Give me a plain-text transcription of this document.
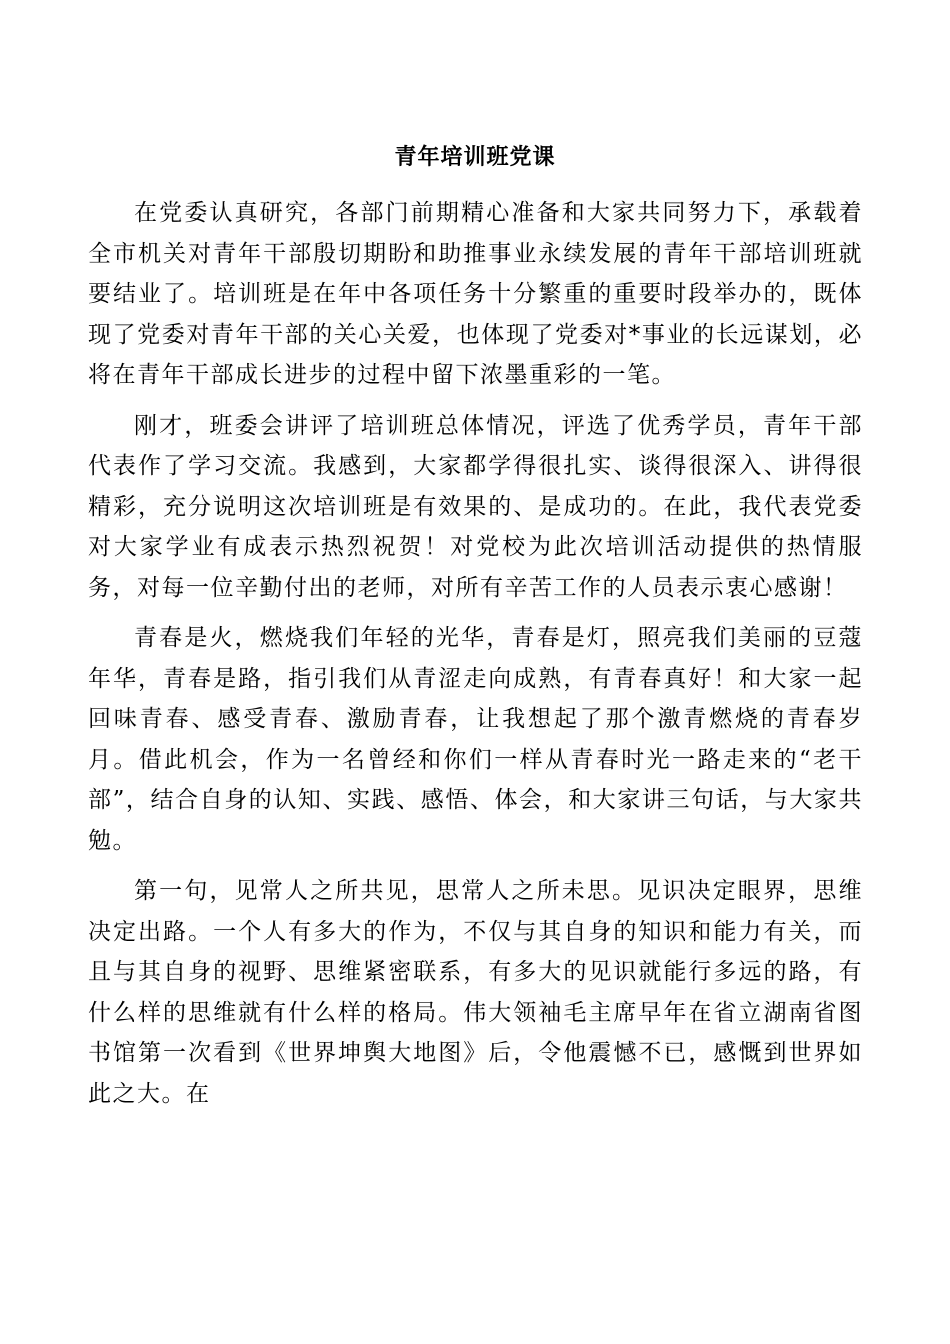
青年培训班党课

在党委认真研究，各部门前期精心准备和大家共同努力下，承载着全市机关对青年干部殷切期盼和助推事业永续发展的青年干部培训班就要结业了。培训班是在年中各项任务十分繁重的重要时段举办的，既体现了党委对青年干部的关心关爱，也体现了党委对*事业的长远谋划，必将在青年干部成长进步的过程中留下浓墨重彩的一笔。

刚才，班委会讲评了培训班总体情况，评选了优秀学员，青年干部代表作了学习交流。我感到，大家都学得很扎实、谈得很深入、讲得很精彩，充分说明这次培训班是有效果的、是成功的。在此，我代表党委对大家学业有成表示热烈祝贺！对党校为此次培训活动提供的热情服务，对每一位辛勤付出的老师，对所有辛苦工作的人员表示衷心感谢！

青春是火，燃烧我们年轻的光华，青春是灯，照亮我们美丽的豆蔻年华，青春是路，指引我们从青涩走向成熟，有青春真好！和大家一起回味青春、感受青春、激励青春，让我想起了那个激青燃烧的青春岁月。借此机会，作为一名曾经和你们一样从青春时光一路走来的“老干部”，结合自身的认知、实践、感悟、体会，和大家讲三句话，与大家共勉。

第一句，见常人之所共见，思常人之所未思。见识决定眼界，思维决定出路。一个人有多大的作为，不仅与其自身的知识和能力有关，而且与其自身的视野、思维紧密联系，有多大的见识就能行多远的路，有什么样的思维就有什么样的格局。伟大领袖毛主席早年在省立湖南省图书馆第一次看到《世界坤舆大地图》后，令他震憾不已，感慨到世界如此之大。在
